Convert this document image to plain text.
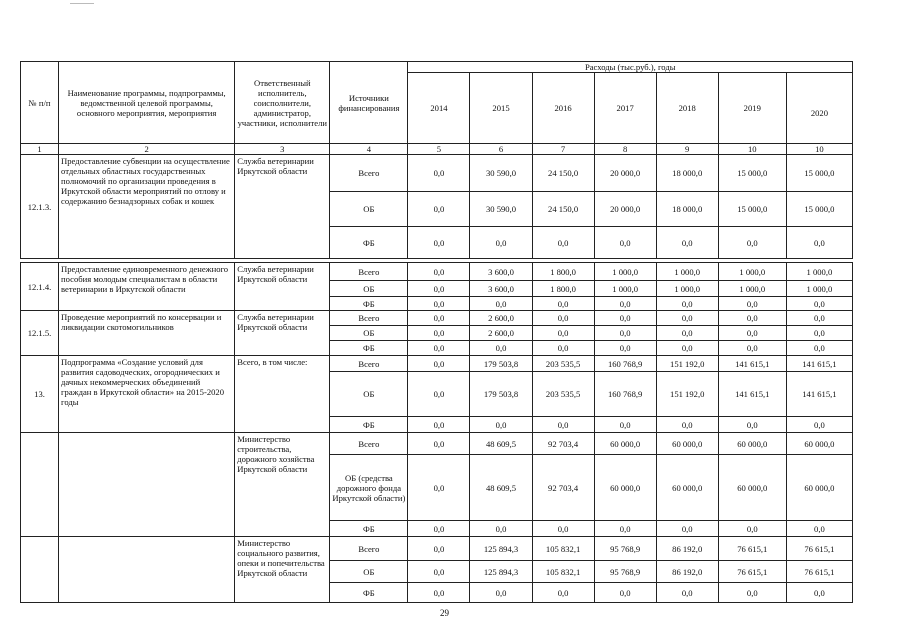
№ п/п	Наименование программы, подпрограммы, ведомственной целевой программы, основного мероприятия, мероприятия	Ответственный исполнитель, соисполнители, администратор, участники, исполнители	Источники финансирования	Расходы (тыс.руб.), годы						
				2014	2015	2016	2017	2018	2019	2020
1	2	3	4	5	6	7	8	9	10	10
12.1.3.	Предоставление субвенции на осуществление отдельных областных государственных полномочий по организации проведения в Иркутской области мероприятий по отлову и содержанию безнадзорных собак и кошек	Служба ветеринарии Иркутской области	Всего	0,0	30 590,0	24 150,0	20 000,0	18 000,0	15 000,0	15 000,0
			ОБ	0,0	30 590,0	24 150,0	20 000,0	18 000,0	15 000,0	15 000,0
			ФБ	0,0	0,0	0,0	0,0	0,0	0,0	0,0

12.1.4.	Предоставление единовременного денежного пособия молодым специалистам в области ветеринарии в Иркутской области	Служба ветеринарии Иркутской области	Всего	0,0	3 600,0	1 800,0	1 000,0	1 000,0	1 000,0	1 000,0
			ОБ	0,0	3 600,0	1 800,0	1 000,0	1 000,0	1 000,0	1 000,0
			ФБ	0,0	0,0	0,0	0,0	0,0	0,0	0,0
12.1.5.	Проведение мероприятий по консервации и ликвидации скотомогильников	Служба ветеринарии Иркутской области	Всего	0,0	2 600,0	0,0	0,0	0,0	0,0	0,0
			ОБ	0,0	2 600,0	0,0	0,0	0,0	0,0	0,0
			ФБ	0,0	0,0	0,0	0,0	0,0	0,0	0,0
13.	Подпрограмма «Создание условий для развития садоводческих, огороднических и дачных некоммерческих объединений граждан в Иркутской области» на 2015-2020 годы	Всего, в том числе:	Всего	0,0	179 503,8	203 535,5	160 768,9	151 192,0	141 615,1	141 615,1
			ОБ	0,0	179 503,8	203 535,5	160 768,9	151 192,0	141 615,1	141 615,1
			ФБ	0,0	0,0	0,0	0,0	0,0	0,0	0,0
		Министерство строительства, дорожного хозяйства Иркутской области	Всего	0,0	48 609,5	92 703,4	60 000,0	60 000,0	60 000,0	60 000,0
			ОБ (средства дорожного фонда Иркутской области)	0,0	48 609,5	92 703,4	60 000,0	60 000,0	60 000,0	60 000,0
			ФБ	0,0	0,0	0,0	0,0	0,0	0,0	0,0
		Министерство социального развития, опеки и попечительства Иркутской области	Всего	0,0	125 894,3	105 832,1	95 768,9	86 192,0	76 615,1	76 615,1
			ОБ	0,0	125 894,3	105 832,1	95 768,9	86 192,0	76 615,1	76 615,1
			ФБ	0,0	0,0	0,0	0,0	0,0	0,0	0,0
29
